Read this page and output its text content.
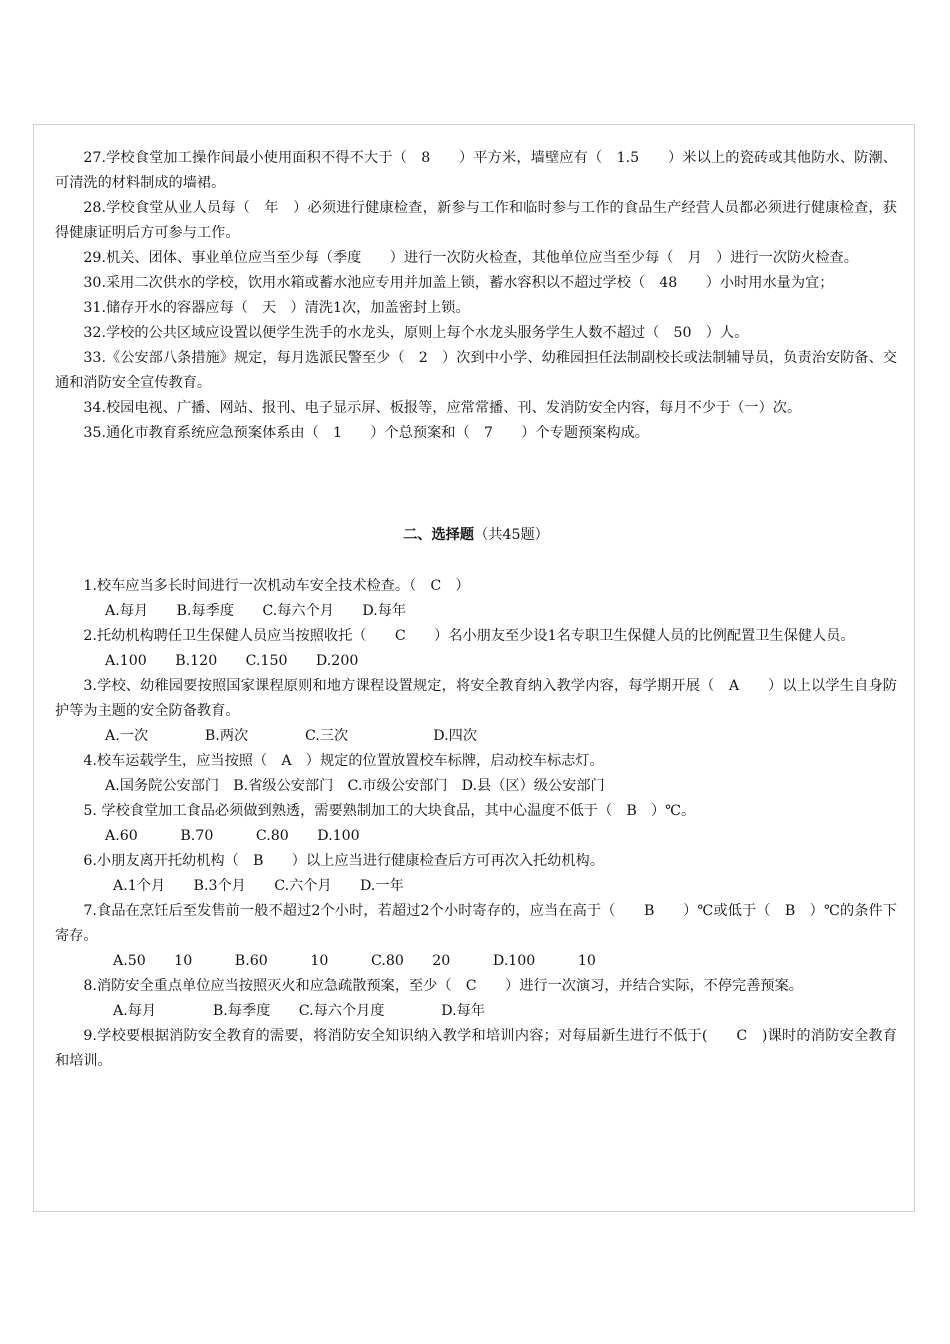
27.学校食堂加工操作间最小使用面积不得不大于（　8　　）平方米，墙壁应有（　1.5　　）米以上的瓷砖或其他防水、防潮、可清洗的材料制成的墙裙。

28.学校食堂从业人员每（　年　）必须进行健康检查，新参与工作和临时参与工作的食品生产经营人员都必须进行健康检查，获得健康证明后方可参与工作。

29.机关、团体、事业单位应当至少每（季度　　）进行一次防火检查，其他单位应当至少每（　月　）进行一次防火检查。

30.采用二次供水的学校，饮用水箱或蓄水池应专用并加盖上锁，蓄水容积以不超过学校（　48　　）小时用水量为宜；

31.储存开水的容器应每（　天　）清洗1次，加盖密封上锁。

32.学校的公共区域应设置以便学生洗手的水龙头，原则上每个水龙头服务学生人数不超过（　50　）人。

33.《公安部八条措施》规定，每月选派民警至少（　2　）次到中小学、幼稚园担任法制副校长或法制辅导员，负责治安防备、交通和消防安全宣传教育。

34.校园电视、广播、网站、报刊、电子显示屏、板报等，应常常播、刊、发消防安全内容，每月不少于（一）次。

35.通化市教育系统应急预案体系由（　1　　）个总预案和（　7　　）个专题预案构成。

二、选择题（共45题）

1.校车应当多长时间进行一次机动车安全技术检查。（　C　）

A.每月　　B.每季度　　C.每六个月　　D.每年

2.托幼机构聘任卫生保健人员应当按照收托（　　C　　）名小朋友至少设1名专职卫生保健人员的比例配置卫生保健人员。

A.100　　B.120　　C.150　　D.200

3.学校、幼稚园要按照国家课程原则和地方课程设置规定，将安全教育纳入教学内容，每学期开展（　A　　）以上以学生自身防护等为主题的安全防备教育。

A.一次　　　　B.两次　　　　C.三次　　　　　　D.四次

4.校车运载学生，应当按照（　A　）规定的位置放置校车标牌，启动校车标志灯。

A.国务院公安部门　B.省级公安部门　C.市级公安部门　D.县（区）级公安部门

5. 学校食堂加工食品必须做到熟透，需要熟制加工的大块食品，其中心温度不低于（　B　）℃。

A.60　　　B.70　　　C.80　　D.100

6.小朋友离开托幼机构（　B　　）以上应当进行健康检查后方可再次入托幼机构。

A.1个月　　B.3个月　　C.六个月　　D.一年

7.食品在烹饪后至发售前一般不超过2个小时，若超过2个小时寄存的，应当在高于（　　B　　）℃或低于（　B　）℃的条件下寄存。

A.50　　10　　　B.60　　　10　　　C.80　　20　　　D.100　　　10

8.消防安全重点单位应当按照灭火和应急疏散预案，至少（　C　　）进行一次演习，并结合实际，不停完善预案。

A.每月　　　　B.每季度　　C.每六个月度　　　　D.每年

9.学校要根据消防安全教育的需要，将消防安全知识纳入教学和培训内容；对每届新生进行不低于(　　C　)课时的消防安全教育和培训。
